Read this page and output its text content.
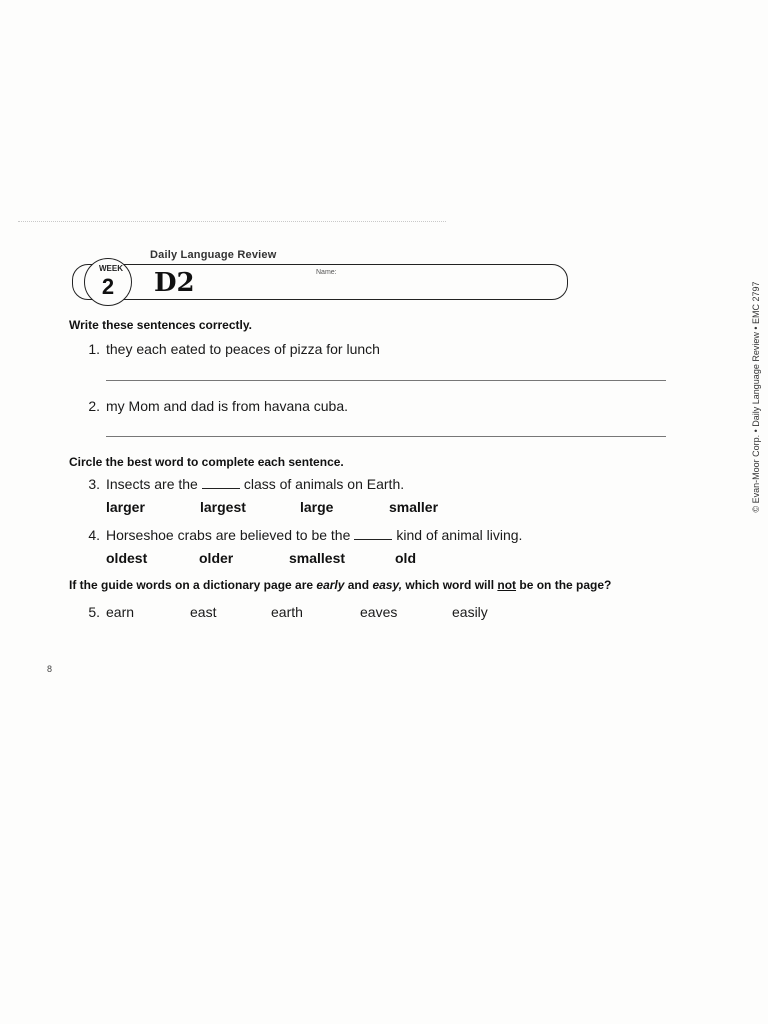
Daily Language Review
WEEK
2 D2	Name:
Write these sentences correctly.
1. they each eated to peaces of pizza for lunch
2. my Mom and dad is from havana cuba.
Circle the best word to complete each sentence.
3. Insects are the	class of animals on Earth.
larger	largest	large	smaller
4. Horseshoe crabs are believed to be the	kind of animal living.
oldest	older	smallest	old
If the guide words on a dictionary page are early and easy, which word will not be on the page?
5. earn	east	earth	eaves	easily
8
© Evan-Moor Corp. • Daily Language Review • EMC 2797
